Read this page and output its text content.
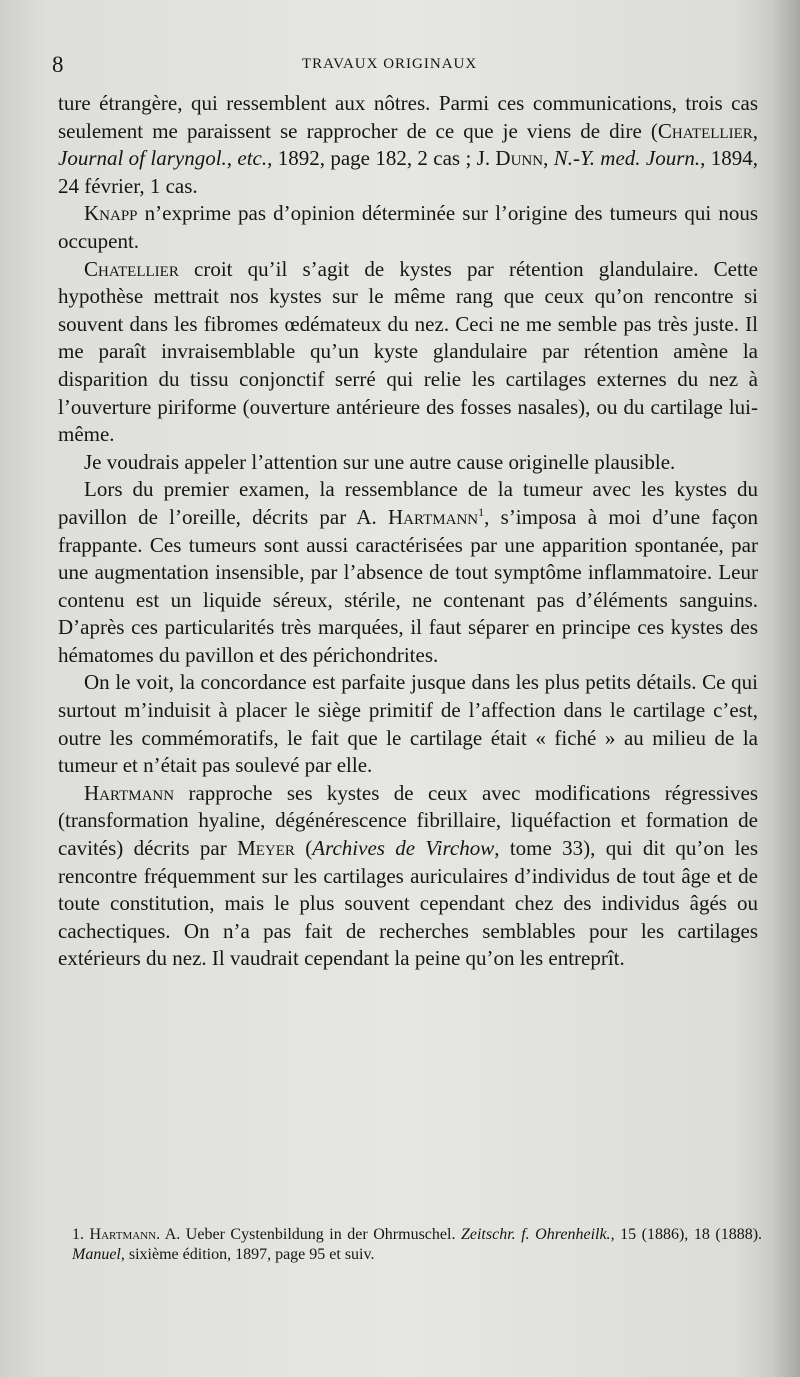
8	TRAVAUX ORIGINAUX

ture étrangère, qui ressemblent aux nôtres. Parmi ces communications, trois cas seulement me paraissent se rapprocher de ce que je viens de dire (Chatellier, Journal of laryngol., etc., 1892, page 182, 2 cas ; J. Dunn, N.-Y. med. Journ., 1894, 24 février, 1 cas.

Knapp n’exprime pas d’opinion déterminée sur l’origine des tumeurs qui nous occupent.

Chatellier croit qu’il s’agit de kystes par rétention glandulaire. Cette hypothèse mettrait nos kystes sur le même rang que ceux qu’on rencontre si souvent dans les fibromes œdémateux du nez. Ceci ne me semble pas très juste. Il me paraît invraisemblable qu’un kyste glandulaire par rétention amène la disparition du tissu conjonctif serré qui relie les cartilages externes du nez à l’ouverture piriforme (ouverture antérieure des fosses nasales), ou du cartilage lui-même.

Je voudrais appeler l’attention sur une autre cause originelle plausible.

Lors du premier examen, la ressemblance de la tumeur avec les kystes du pavillon de l’oreille, décrits par A. Hartmann$^1$, s’imposa à moi d’une façon frappante. Ces tumeurs sont aussi caractérisées par une apparition spontanée, par une augmentation insensible, par l’absence de tout symptôme inflammatoire. Leur contenu est un liquide séreux, stérile, ne contenant pas d’éléments sanguins. D’après ces particularités très marquées, il faut séparer en principe ces kystes des hématomes du pavillon et des périchondrites.

On le voit, la concordance est parfaite jusque dans les plus petits détails. Ce qui surtout m’induisit à placer le siège primitif de l’affection dans le cartilage c’est, outre les commémoratifs, le fait que le cartilage était « fiché » au milieu de la tumeur et n’était pas soulevé par elle.

Hartmann rapproche ses kystes de ceux avec modifications régressives (transformation hyaline, dégénérescence fibrillaire, liquéfaction et formation de cavités) décrits par Meyer (Archives de Virchow, tome 33), qui dit qu’on les rencontre fréquemment sur les cartilages auriculaires d’individus de tout âge et de toute constitution, mais le plus souvent cependant chez des individus âgés ou cachectiques. On n’a pas fait de recherches semblables pour les cartilages extérieurs du nez. Il vaudrait cependant la peine qu’on les entreprît.

1. Hartmann. A. Ueber Cystenbildung in der Ohrmuschel. Zeitschr. f. Ohrenheilk., 15 (1886), 18 (1888). Manuel, sixième édition, 1897, page 95 et suiv.
